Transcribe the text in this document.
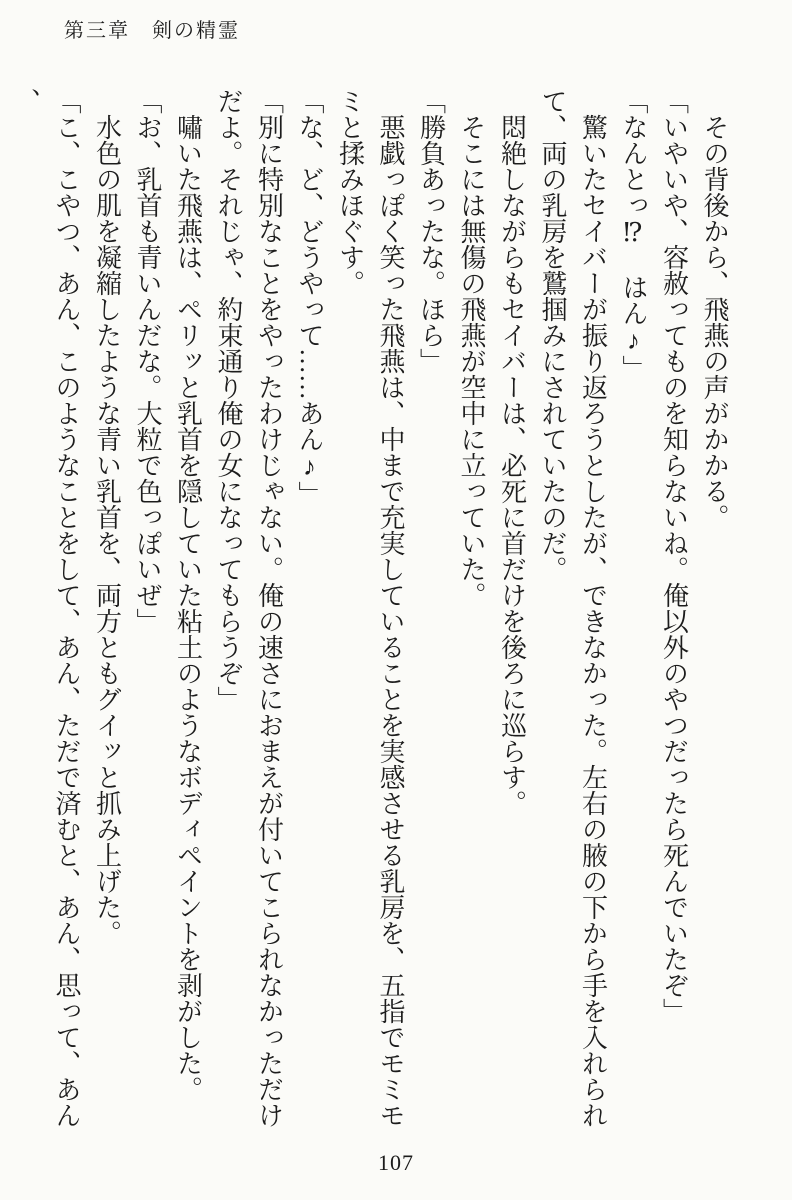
第三章　剣の精霊

　その背後から、飛燕の声がかかる。

「いやいや、容赦ってものを知らないね。俺以外のやつだったら死んでいたぞ」

「なんとっ⁉　はん♪」

　驚いたセイバーが振り返ろうとしたが、できなかった。左右の腋の下から手を入れられて、両の乳房を鷲掴みにされていたのだ。

　悶絶しながらもセイバーは、必死に首だけを後ろに巡らす。

　そこには無傷の飛燕が空中に立っていた。

「勝負あったな。ほら」

　悪戯っぽく笑った飛燕は、中まで充実していることを実感させる乳房を、五指でモミモミと揉みほぐす。

「な、ど、どうやって……あん♪」

「別に特別なことをやったわけじゃない。俺の速さにおまえが付いてこられなかっただけだよ。それじゃ、約束通り俺の女になってもらうぞ」

　嘯いた飛燕は、ペリッと乳首を隠していた粘土のようなボディペイントを剥がした。

「お、乳首も青いんだな。大粒で色っぽいぜ」

　水色の肌を凝縮したような青い乳首を、両方ともグイッと抓み上げた。

「こ、こやつ、あん、このようなことをして、あん、ただで済むと、あん、思って、あん、

107
